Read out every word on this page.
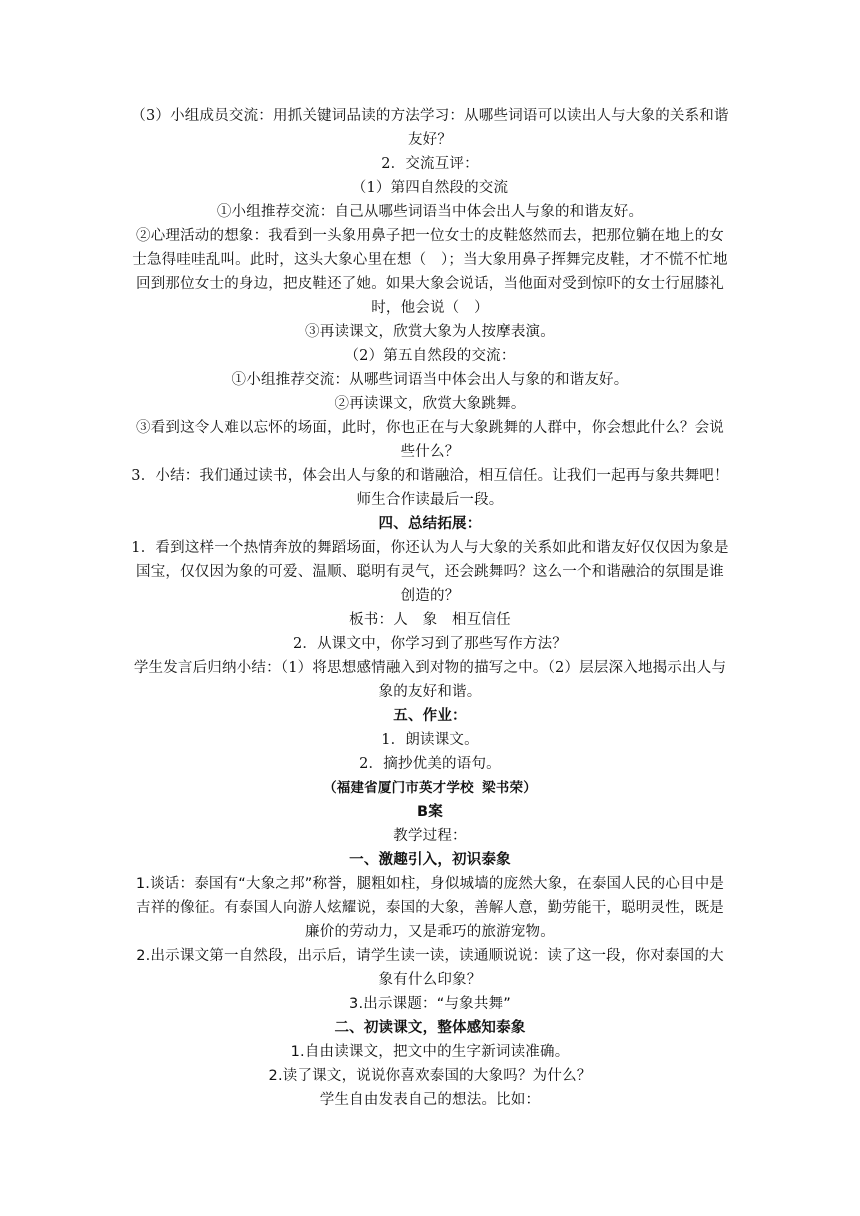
（3）小组成员交流：用抓关键词品读的方法学习：从哪些词语可以读出人与大象的关系和谐友好？

2．交流互评：

（1）第四自然段的交流

①小组推荐交流：自己从哪些词语当中体会出人与象的和谐友好。

②心理活动的想象：我看到一头象用鼻子把一位女士的皮鞋悠然而去，把那位躺在地上的女士急得哇哇乱叫。此时，这头大象心里在想（　）；当大象用鼻子挥舞完皮鞋，才不慌不忙地回到那位女士的身边，把皮鞋还了她。如果大象会说话，当他面对受到惊吓的女士行屈膝礼时，他会说（　）

③再读课文，欣赏大象为人按摩表演。

（2）第五自然段的交流：

①小组推荐交流：从哪些词语当中体会出人与象的和谐友好。

②再读课文，欣赏大象跳舞。

③看到这令人难以忘怀的场面，此时，你也正在与大象跳舞的人群中，你会想此什么？会说些什么？

3．小结：我们通过读书，体会出人与象的和谐融洽，相互信任。让我们一起再与象共舞吧！师生合作读最后一段。

四、总结拓展：

1．看到这样一个热情奔放的舞蹈场面，你还认为人与大象的关系如此和谐友好仅仅因为象是国宝，仅仅因为象的可爱、温顺、聪明有灵气，还会跳舞吗？这么一个和谐融洽的氛围是谁创造的？

板书：人　象　相互信任

2．从课文中，你学习到了那些写作方法？

学生发言后归纳小结：（1）将思想感情融入到对物的描写之中。（2）层层深入地揭示出人与象的友好和谐。

五、作业：

1．朗读课文。

2．摘抄优美的语句。

（福建省厦门市英才学校 梁书荣）

B案

教学过程：

一、激趣引入，初识泰象

1.谈话：泰国有“大象之邦”称誉，腿粗如柱，身似城墙的庞然大象，在泰国人民的心目中是吉祥的像征。有泰国人向游人炫耀说，泰国的大象，善解人意，勤劳能干，聪明灵性，既是廉价的劳动力，又是乖巧的旅游宠物。

2.出示课文第一自然段，出示后，请学生读一读，读通顺说说：读了这一段，你对泰国的大象有什么印象？

3.出示课题：“与象共舞”

二、初读课文，整体感知泰象

1.自由读课文，把文中的生字新词读准确。

2.读了课文，说说你喜欢泰国的大象吗？为什么？

学生自由发表自己的想法。比如：
